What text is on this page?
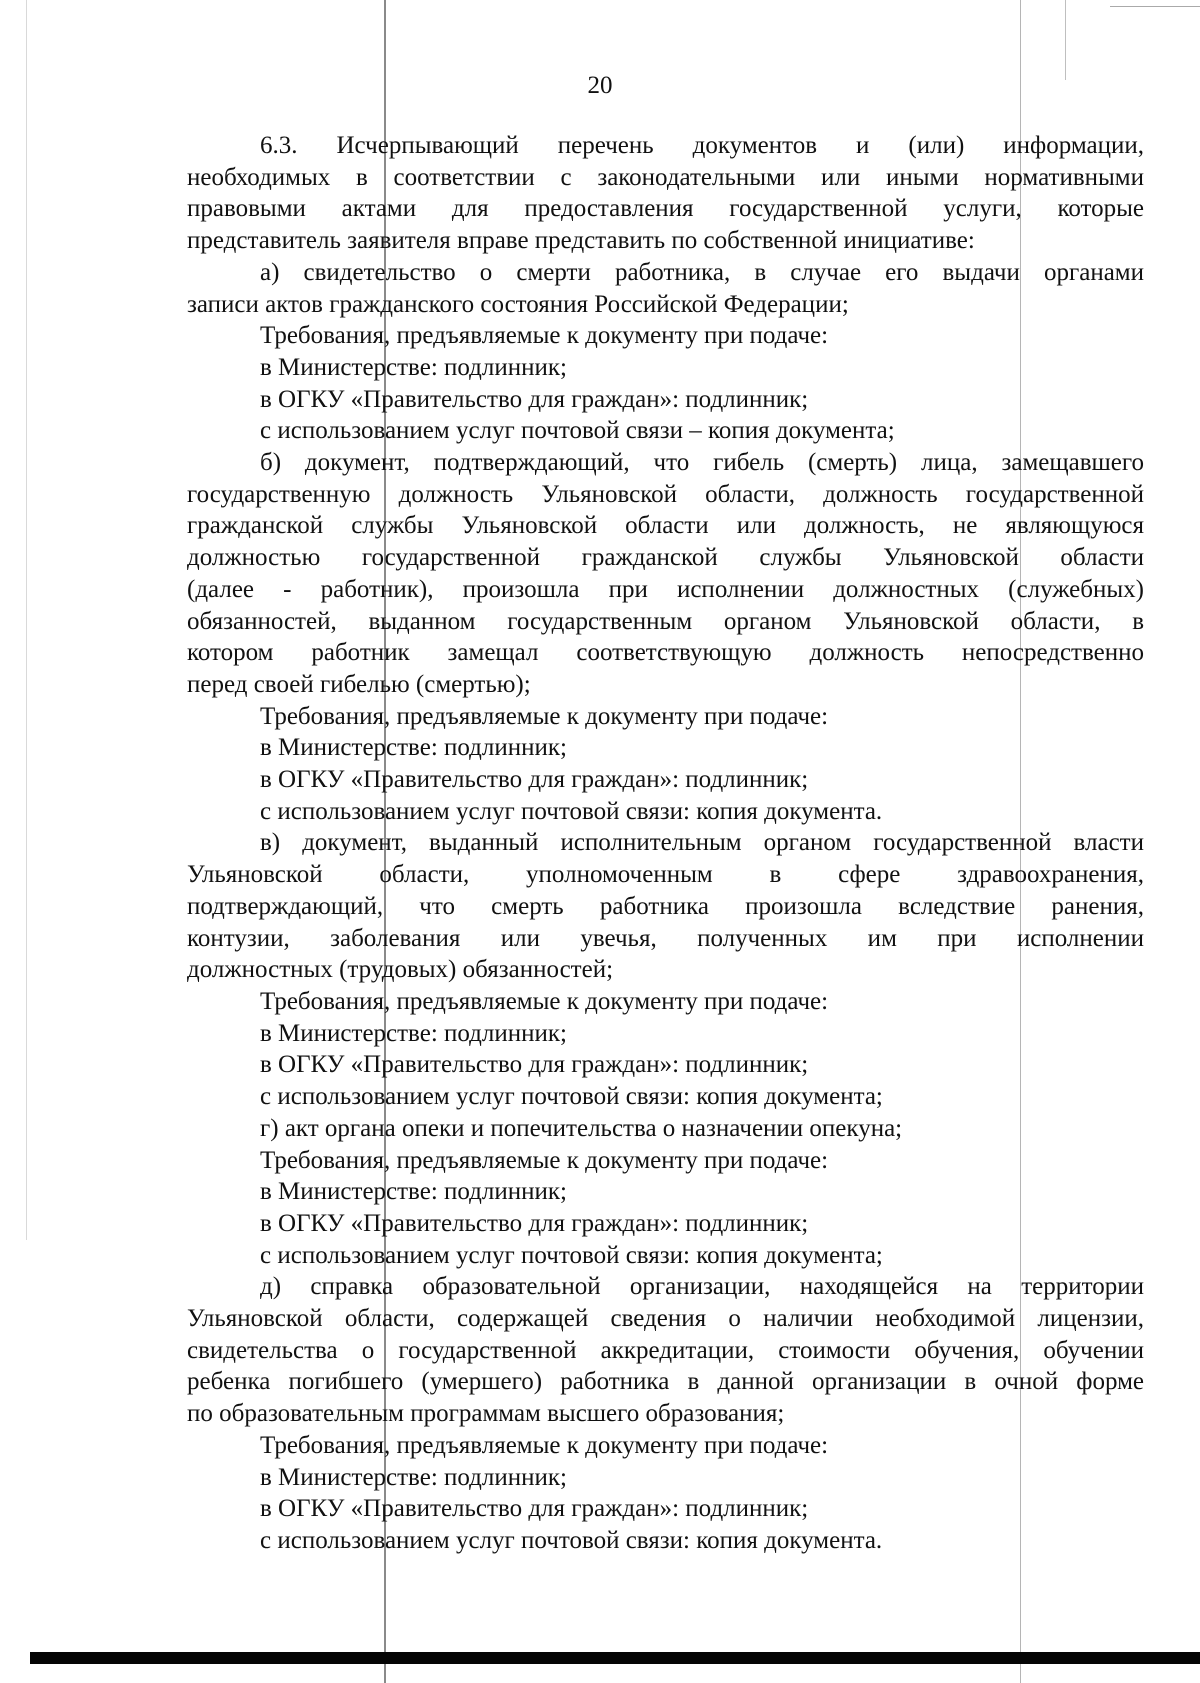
20
6.3. Исчерпывающий перечень документов и (или) информации,
необходимых в соответствии с законодательными или иными нормативными
правовыми актами для предоставления государственной услуги, которые
представитель заявителя вправе представить по собственной инициативе:
а) свидетельство о смерти работника, в случае его выдачи органами
записи актов гражданского состояния Российской Федерации;
Требования, предъявляемые к документу при подаче:
в Министерстве: подлинник;
в ОГКУ «Правительство для граждан»: подлинник;
с использованием услуг почтовой связи – копия документа;
б) документ, подтверждающий, что гибель (смерть) лица, замещавшего
государственную должность Ульяновской области, должность государственной
гражданской службы Ульяновской области или должность, не являющуюся
должностью государственной гражданской службы Ульяновской области
(далее - работник), произошла при исполнении должностных (служебных)
обязанностей, выданном государственным органом Ульяновской области, в
котором работник замещал соответствующую должность непосредственно
перед своей гибелью (смертью);
Требования, предъявляемые к документу при подаче:
в Министерстве: подлинник;
в ОГКУ «Правительство для граждан»: подлинник;
с использованием услуг почтовой связи: копия документа.
в) документ, выданный исполнительным органом государственной власти
Ульяновской области, уполномоченным в сфере здравоохранения,
подтверждающий, что смерть работника произошла вследствие ранения,
контузии, заболевания или увечья, полученных им при исполнении
должностных (трудовых) обязанностей;
Требования, предъявляемые к документу при подаче:
в Министерстве: подлинник;
в ОГКУ «Правительство для граждан»: подлинник;
с использованием услуг почтовой связи: копия документа;
г) акт органа опеки и попечительства о назначении опекуна;
Требования, предъявляемые к документу при подаче:
в Министерстве: подлинник;
в ОГКУ «Правительство для граждан»: подлинник;
с использованием услуг почтовой связи: копия документа;
д) справка образовательной организации, находящейся на территории
Ульяновской области, содержащей сведения о наличии необходимой лицензии,
свидетельства о государственной аккредитации, стоимости обучения, обучении
ребенка погибшего (умершего) работника в данной организации в очной форме
по образовательным программам высшего образования;
Требования, предъявляемые к документу при подаче:
в Министерстве: подлинник;
в ОГКУ «Правительство для граждан»: подлинник;
с использованием услуг почтовой связи: копия документа.
